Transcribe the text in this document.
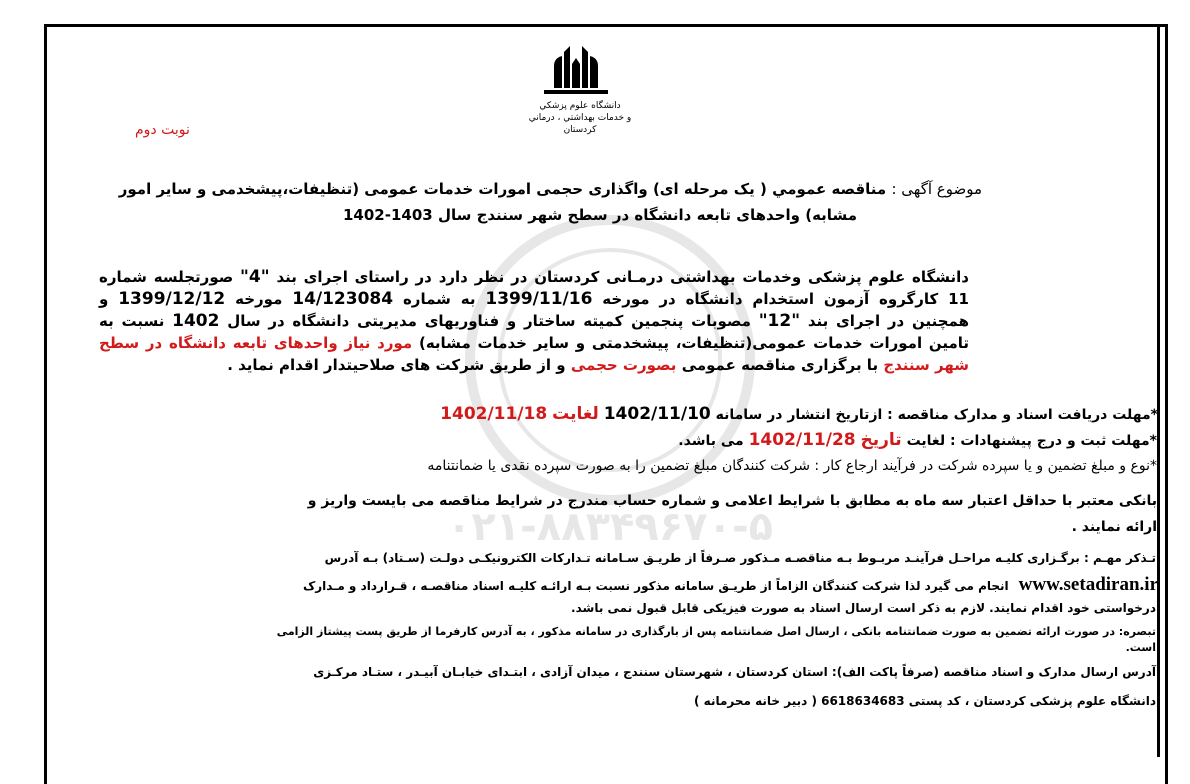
۰۲۱-۸۸۳۴۹۶۷۰-۵
دانشگاه علوم پزشکي
و خدمات بهداشتي ، درماني
کردستان
نوبت دوم
موضوع آگهی : مناقصه عمومي ( يک مرحله ای) واگذاری حجمی امورات خدمات عمومی (تنظيفات،پيشخدمی و ساير امور
مشابه) واحدهای تابعه دانشگاه در سطح شهر سنندج سال 1403-1402
دانشگاه علوم پزشکی وخدمات بهداشتی درمـانی کردستان در نظر دارد در راستای اجرای بند "4" صورتجلسه شماره 11 کارگروه آزمون استخدام دانشگاه در مورخه 1399/11/16 به شماره 14/123084 مورخه 1399/12/12 و همچنين در اجرای بند "12" مصوبات پنجمين کميته ساختار و فناوريهای مديريتی دانشگاه در سال 1402 نسبت به تامين امورات خدمات عمومی(تنظيفات، پيشخدمتی و ساير خدمات مشابه) مورد نياز واحدهای تابعه دانشگاه در سطح شهر سنندج با برگزاری مناقصه عمومی بصورت حجمی و از طريق شرکت های صلاحيتدار اقدام نمايد .
*مهلت دريافت اسناد و مدارک مناقصه : ازتاريخ انتشار در سامانه 1402/11/10 لغايت 1402/11/18
*مهلت ثبت و درج پيشنهادات : لغايت تاريخ 1402/11/28 می باشد.
*نوع و مبلغ تضمين و يا سپرده شرکت در فرآيند ارجاع کار : شرکت کنندگان مبلغ تضمين را به صورت سپرده نقدی يا ضمانتنامه
بانکی معتبر با حداقل اعتبار سه ماه به مطابق با شرايط اعلامی و شماره حساب مندرج در شرايط مناقصه می بايست واريز و
ارائه نمايند .
تـذکر مهـم : برگـزاری کليـه مراحـل فرآينـد مربـوط بـه مناقصـه مـذکور صـرفاً از طريـق سـامانه تـدارکات الکترونيکـی دولـت (سـتاد) بـه آدرس
www.setadiran.ir
انجام می گيرد لذا شرکت کنندگان الزاماً از طريـق سامانه مذکور نسبت بـه ارائـه کليـه اسناد مناقصـه ، قـرارداد و مـدارک
درخواستی خود اقدام نمايند. لازم به ذکر است ارسال اسناد به صورت فيزيکی قابل قبول نمی باشد.
تبصره: در صورت ارائه تضمين به صورت ضمانتنامه بانکی ، ارسال اصل ضمانتنامه پس از بارگذاری در سامانه مذکور ، به آدرس کارفرما از طريق پست پيشتاز الزامی
است.
آدرس ارسال مدارک و اسناد مناقصه (صرفاً پاکت الف): استان کردستان ، شهرستان سنندج ، ميدان آزادی ، ابتـدای خيابـان آبيـدر ، ستـاد مرکـزی
دانشگاه علوم پزشکی کردستان ، کد پستی 6618634683 ( دبير خانه محرمانه )
